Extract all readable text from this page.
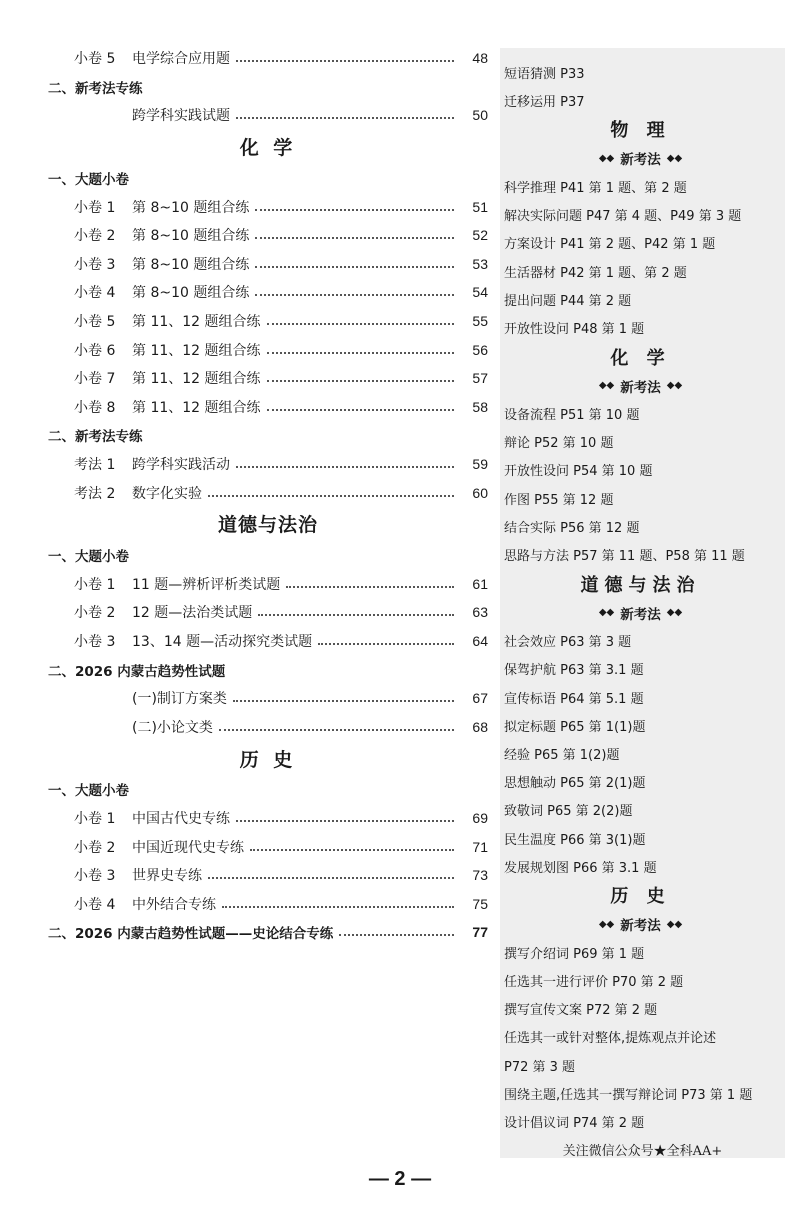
小卷 5	电学综合应用题	48
二、新考法专练
跨学科实践试题	50
化 学
一、大题小卷
小卷 1	第 8~10 题组合练	51
小卷 2	第 8~10 题组合练	52
小卷 3	第 8~10 题组合练	53
小卷 4	第 8~10 题组合练	54
小卷 5	第 11、12 题组合练	55
小卷 6	第 11、12 题组合练	56
小卷 7	第 11、12 题组合练	57
小卷 8	第 11、12 题组合练	58
二、新考法专练
考法 1	跨学科实践活动	59
考法 2	数字化实验	60
道德与法治
一、大题小卷
小卷 1	11 题—辨析评析类试题	61
小卷 2	12 题—法治类试题	63
小卷 3	13、14 题—活动探究类试题	64
二、2026 内蒙古趋势性试题
(一)制订方案类	67
(二)小论文类	68
历 史
一、大题小卷
小卷 1	中国古代史专练	69
小卷 2	中国近现代史专练	71
小卷 3	世界史专练	73
小卷 4	中外结合专练	75
二、2026 内蒙古趋势性试题——史论结合专练	77
短语猜测 P33
迁移运用 P37
物 理
◆◆ 新考法 ◆◆
科学推理 P41 第 1 题、第 2 题
解决实际问题 P47 第 4 题、P49 第 3 题
方案设计 P41 第 2 题、P42 第 1 题
生活器材 P42 第 1 题、第 2 题
提出问题 P44 第 2 题
开放性设问 P48 第 1 题
化 学
◆◆ 新考法 ◆◆
设备流程 P51 第 10 题
辩论 P52 第 10 题
开放性设问 P54 第 10 题
作图 P55 第 12 题
结合实际 P56 第 12 题
思路与方法 P57 第 11 题、P58 第 11 题
道德与法治
◆◆ 新考法 ◆◆
社会效应 P63 第 3 题
保驾护航 P63 第 3.1 题
宣传标语 P64 第 5.1 题
拟定标题 P65 第 1(1)题
经验 P65 第 1(2)题
思想触动 P65 第 2(1)题
致敬词 P65 第 2(2)题
民生温度 P66 第 3(1)题
发展规划图 P66 第 3.1 题
历 史
◆◆ 新考法 ◆◆
撰写介绍词 P69 第 1 题
任选其一进行评价 P70 第 2 题
撰写宣传文案 P72 第 2 题
任选其一或针对整体,提炼观点并论述
P72 第 3 题
围绕主题,任选其一撰写辩论词 P73 第 1 题
设计倡议词 P74 第 2 题
关注微信公众号★全科AA+
— 2 —
